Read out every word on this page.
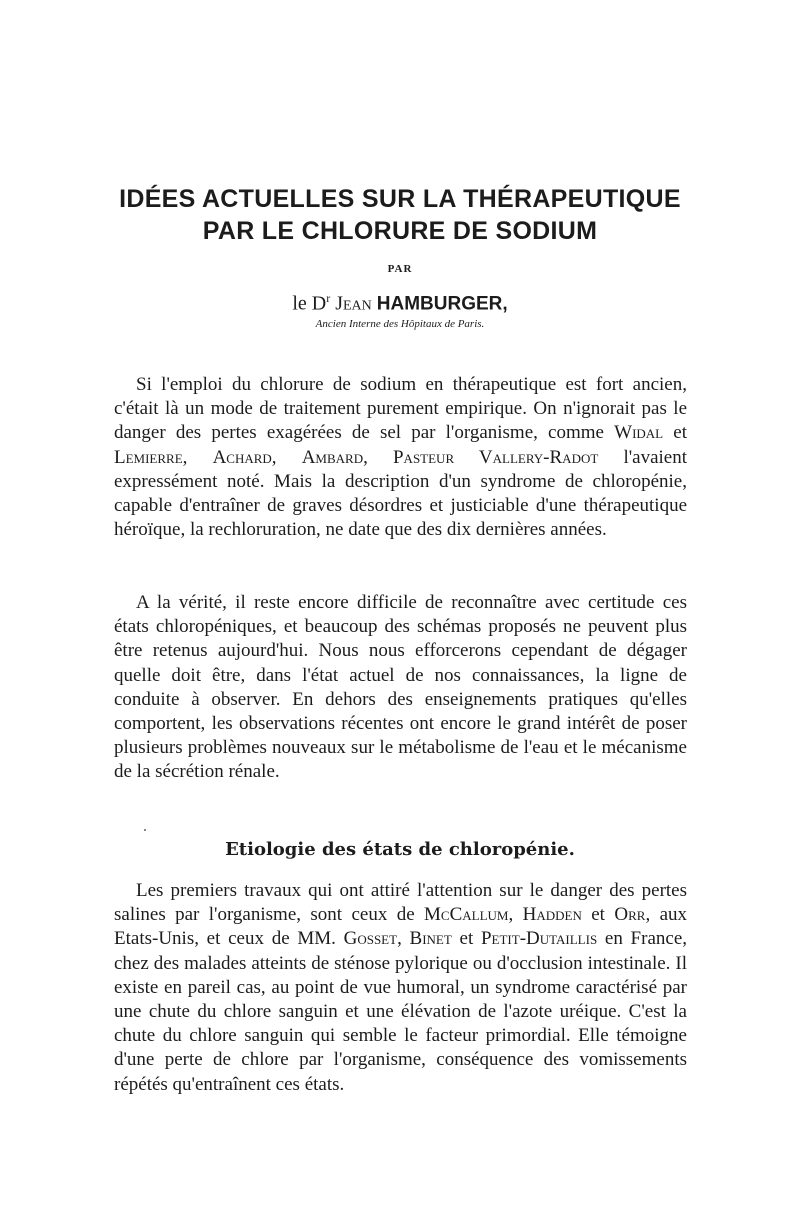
IDÉES ACTUELLES SUR LA THÉRAPEUTIQUE
PAR LE CHLORURE DE SODIUM
PAR
le $D^r$ Jean HAMBURGER,
Ancien Interne des Hôpitaux de Paris.

Si l'emploi du chlorure de sodium en thérapeutique est fort ancien, c'était là un mode de traitement purement empirique. On n'ignorait pas le danger des pertes exagérées de sel par l'organisme, comme Widal et Lemierre, Achard, Ambard, Pasteur Vallery-Radot l'avaient expressément noté. Mais la description d'un syndrome de chloropénie, capable d'entraîner de graves désordres et justiciable d'une thérapeutique héroïque, la rechloruration, ne date que des dix dernières années.

A la vérité, il reste encore difficile de reconnaître avec certitude ces états chloropéniques, et beaucoup des schémas proposés ne peuvent plus être retenus aujourd'hui. Nous nous efforcerons cependant de dégager quelle doit être, dans l'état actuel de nos connaissances, la ligne de conduite à observer. En dehors des enseignements pratiques qu'elles comportent, les observations récentes ont encore le grand intérêt de poser plusieurs problèmes nouveaux sur le métabolisme de l'eau et le mécanisme de la sécrétion rénale.

Etiologie des états de chloropénie.

Les premiers travaux qui ont attiré l'attention sur le danger des pertes salines par l'organisme, sont ceux de McCallum, Hadden et Orr, aux Etats-Unis, et ceux de MM. Gosset, Binet et Petit-Dutaillis en France, chez des malades atteints de sténose pylorique ou d'occlusion intestinale. Il existe en pareil cas, au point de vue humoral, un syndrome caractérisé par une chute du chlore sanguin et une élévation de l'azote uréique. C'est la chute du chlore sanguin qui semble le facteur primordial. Elle témoigne d'une perte de chlore par l'organisme, conséquence des vomissements répétés qu'entraînent ces états.
